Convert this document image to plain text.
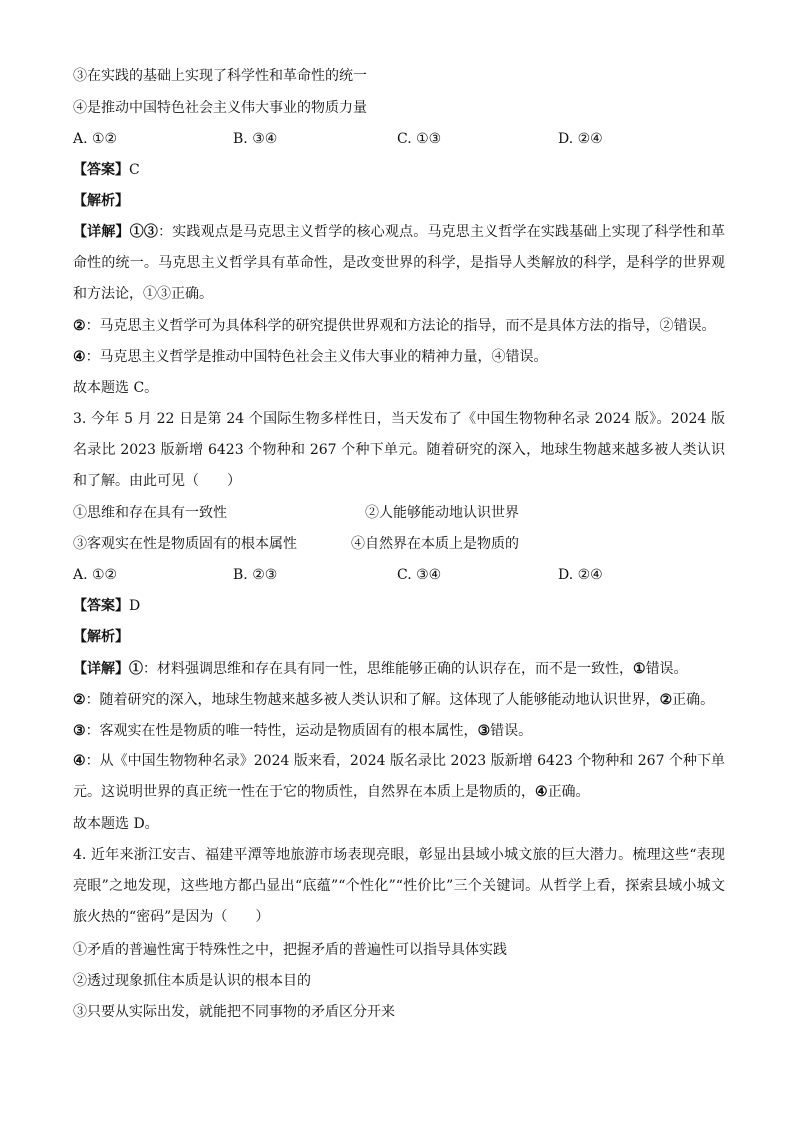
③在实践的基础上实现了科学性和革命性的统一
④是推动中国特色社会主义伟大事业的物质力量
A. ①②	B. ③④	C. ①③	D. ②④
【答案】C
【解析】
【详解】①③：实践观点是马克思主义哲学的核心观点。马克思主义哲学在实践基础上实现了科学性和革命性的统一。马克思主义哲学具有革命性，是改变世界的科学，是指导人类解放的科学，是科学的世界观和方法论，①③正确。
②：马克思主义哲学可为具体科学的研究提供世界观和方法论的指导，而不是具体方法的指导，②错误。
④：马克思主义哲学是推动中国特色社会主义伟大事业的精神力量，④错误。
故本题选 C。
3. 今年 5 月 22 日是第 24 个国际生物多样性日，当天发布了《中国生物物种名录 2024 版》。2024 版名录比 2023 版新增 6423 个物种和 267 个种下单元。随着研究的深入，地球生物越来越多被人类认识和了解。由此可见（　　）
①思维和存在具有一致性	②人能够能动地认识世界
③客观实在性是物质固有的根本属性	④自然界在本质上是物质的
A. ①②	B. ②③	C. ③④	D. ②④
【答案】D
【解析】
【详解】①：材料强调思维和存在具有同一性，思维能够正确的认识存在，而不是一致性，①错误。
②：随着研究的深入，地球生物越来越多被人类认识和了解。这体现了人能够能动地认识世界，②正确。
③：客观实在性是物质的唯一特性，运动是物质固有的根本属性，③错误。
④：从《中国生物物种名录》2024 版来看，2024 版名录比 2023 版新增 6423 个物种和 267 个种下单元。这说明世界的真正统一性在于它的物质性，自然界在本质上是物质的，④正确。
故本题选 D。
4. 近年来浙江安吉、福建平潭等地旅游市场表现亮眼，彰显出县域小城文旅的巨大潜力。梳理这些“表现亮眼”之地发现，这些地方都凸显出“底蕴”“个性化”“性价比”三个关键词。从哲学上看，探索县域小城文旅火热的“密码”是因为（　　）
①矛盾的普遍性寓于特殊性之中，把握矛盾的普遍性可以指导具体实践
②透过现象抓住本质是认识的根本目的
③只要从实际出发，就能把不同事物的矛盾区分开来
